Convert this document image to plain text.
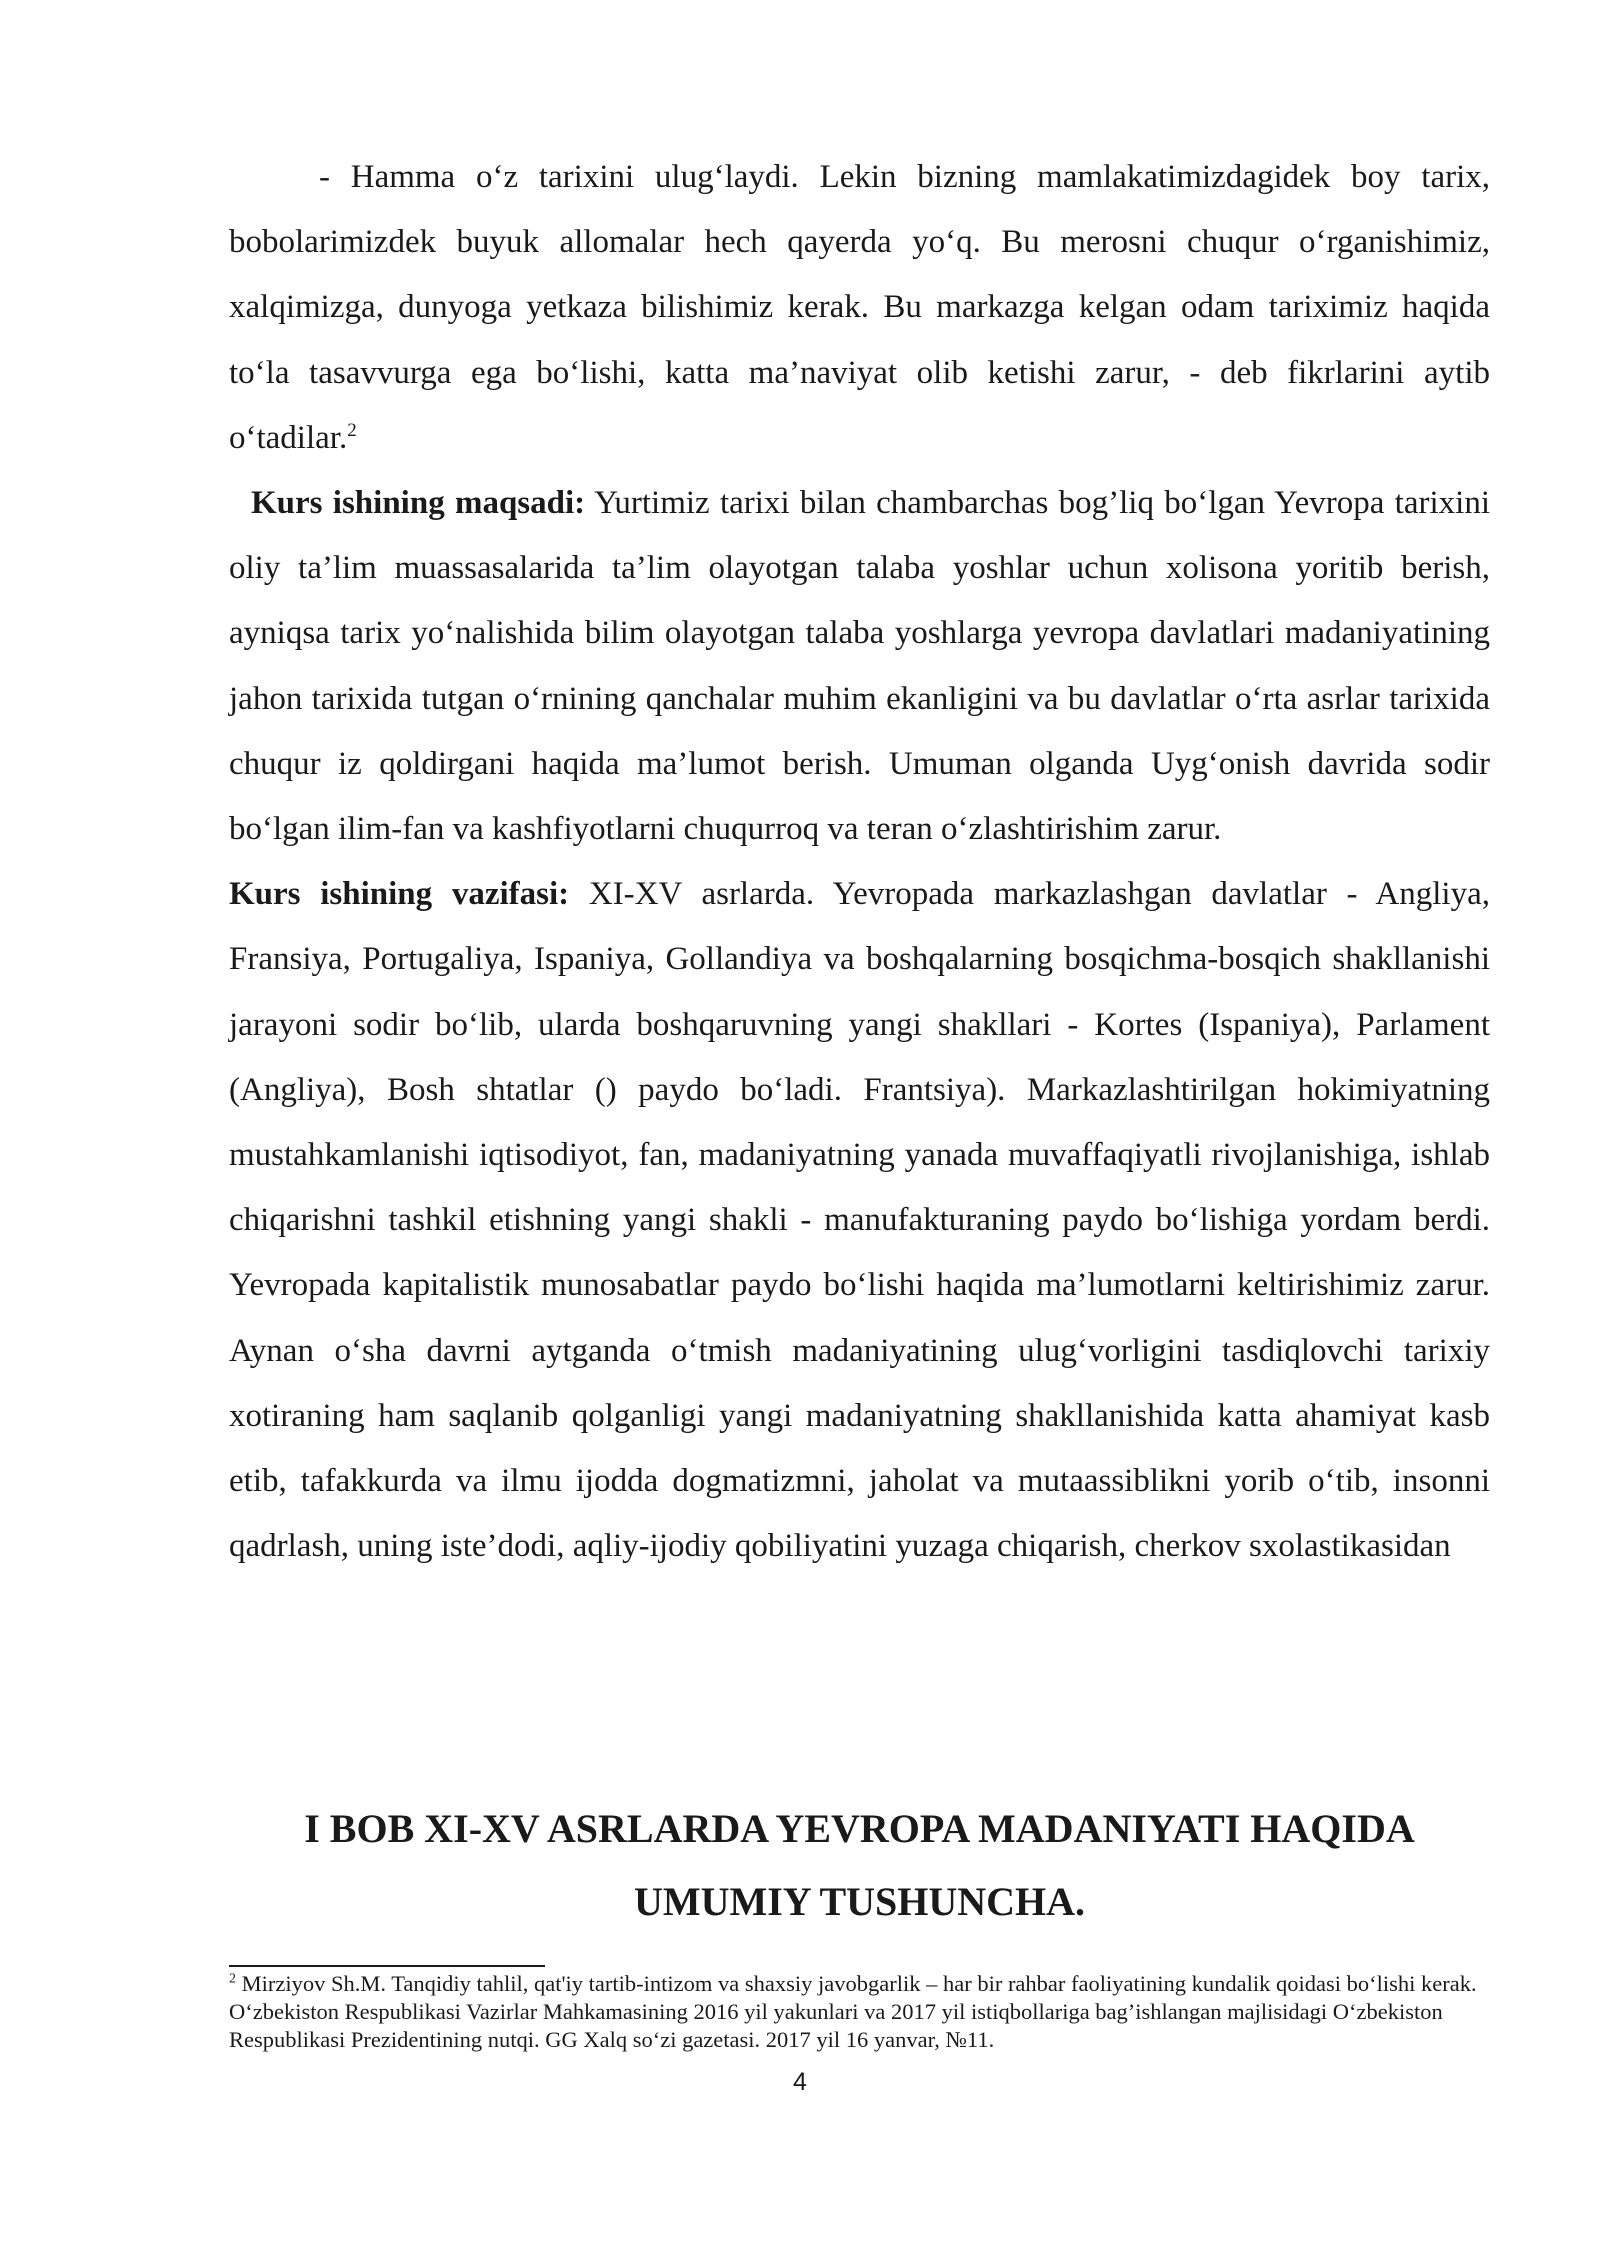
- Hamma o‘z tarixini ulug‘laydi. Lekin bizning mamlakatimizdagidek boy tarix, bobolarimizdek buyuk allomalar hech qayerda yo‘q. Bu merosni chuqur o‘rganishimiz, xalqimizga, dunyoga yetkaza bilishimiz kerak. Bu markazga kelgan odam tariximiz haqida to‘la tasavvurga ega bo‘lishi, katta ma’naviyat olib ketishi zarur, - deb fikrlarini aytib o‘tadilar.$^2$

Kurs ishining maqsadi: Yurtimiz tarixi bilan chambarchas bog’liq bo‘lgan Yevropa tarixini oliy ta’lim muassasalarida ta’lim olayotgan talaba yoshlar uchun xolisona yoritib berish, ayniqsa tarix yo‘nalishida bilim olayotgan talaba yoshlarga yevropa davlatlari madaniyatining jahon tarixida tutgan o‘rnining qanchalar muhim ekanligini va bu davlatlar o‘rta asrlar tarixida chuqur iz qoldirgani haqida ma’lumot berish. Umuman olganda Uyg‘onish davrida sodir bo‘lgan ilim-fan va kashfiyotlarni chuqurroq va teran o‘zlashtirishim zarur.

Kurs ishining vazifasi: XI-XV asrlarda. Yevropada markazlashgan davlatlar - Angliya, Fransiya, Portugaliya, Ispaniya, Gollandiya va boshqalarning bosqichma-bosqich shakllanishi jarayoni sodir bo‘lib, ularda boshqaruvning yangi shakllari - Kortes (Ispaniya), Parlament (Angliya), Bosh shtatlar () paydo bo‘ladi. Frantsiya). Markazlashtirilgan hokimiyatning mustahkamlanishi iqtisodiyot, fan, madaniyatning yanada muvaffaqiyatli rivojlanishiga, ishlab chiqarishni tashkil etishning yangi shakli - manufakturaning paydo bo‘lishiga yordam berdi. Yevropada kapitalistik munosabatlar paydo bo‘lishi haqida ma’lumotlarni keltirishimiz zarur. Aynan o‘sha davrni aytganda o‘tmish madaniyatining ulug‘vorligini tasdiqlovchi tarixiy xotiraning ham saqlanib qolganligi yangi madaniyatning shakllanishida katta ahamiyat kasb etib, tafakkurda va ilmu ijodda dogmatizmni, jaholat va mutaassiblikni yorib o‘tib, insonni qadrlash, uning iste’dodi, aqliy-ijodiy qobiliyatini yuzaga chiqarish, cherkov sxolastikasidan

I BOB XI-XV ASRLARDA YEVROPA MADANIYATI HAQIDA
UMUMIY TUSHUNCHA.
$^2$ Mirziyov Sh.M. Tanqidiy tahlil, qat'iy tartib-intizom va shaxsiy javobgarlik – har bir rahbar faoliyatining kundalik qoidasi bo‘lishi kerak. O‘zbekiston Respublikasi Vazirlar Mahkamasining 2016 yil yakunlari va 2017 yil istiqbollariga bag’ishlangan majlisidagi O‘zbekiston Respublikasi Prezidentining nutqi. GG Xalq so‘zi gazetasi. 2017 yil 16 yanvar, №11.
4
